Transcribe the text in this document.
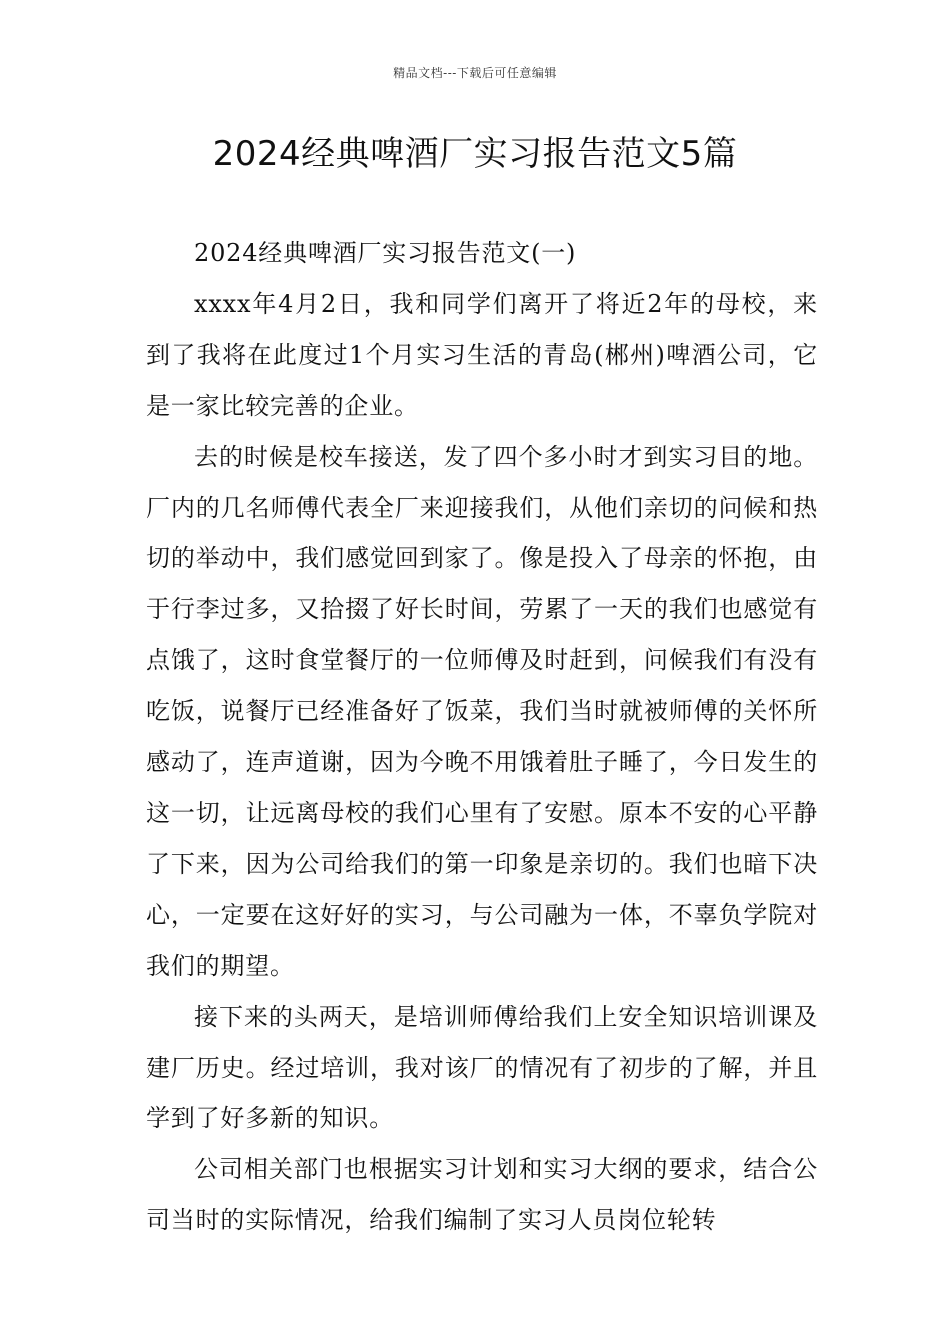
精品文档---下载后可任意编辑
2024经典啤酒厂实习报告范文5篇

2024经典啤酒厂实习报告范文(一)

xxxx年4月2日，我和同学们离开了将近2年的母校，来到了我将在此度过1个月实习生活的青岛(郴州)啤酒公司，它是一家比较完善的企业。

去的时候是校车接送，发了四个多小时才到实习目的地。厂内的几名师傅代表全厂来迎接我们，从他们亲切的问候和热切的举动中，我们感觉回到家了。像是投入了母亲的怀抱，由于行李过多，又拾掇了好长时间，劳累了一天的我们也感觉有点饿了，这时食堂餐厅的一位师傅及时赶到，问候我们有没有吃饭，说餐厅已经准备好了饭菜，我们当时就被师傅的关怀所感动了，连声道谢，因为今晚不用饿着肚子睡了，今日发生的这一切，让远离母校的我们心里有了安慰。原本不安的心平静了下来，因为公司给我们的第一印象是亲切的。我们也暗下决心，一定要在这好好的实习，与公司融为一体，不辜负学院对我们的期望。

接下来的头两天，是培训师傅给我们上安全知识培训课及建厂历史。经过培训，我对该厂的情况有了初步的了解，并且学到了好多新的知识。

公司相关部门也根据实习计划和实习大纲的要求，结合公司当时的实际情况，给我们编制了实习人员岗位轮转
